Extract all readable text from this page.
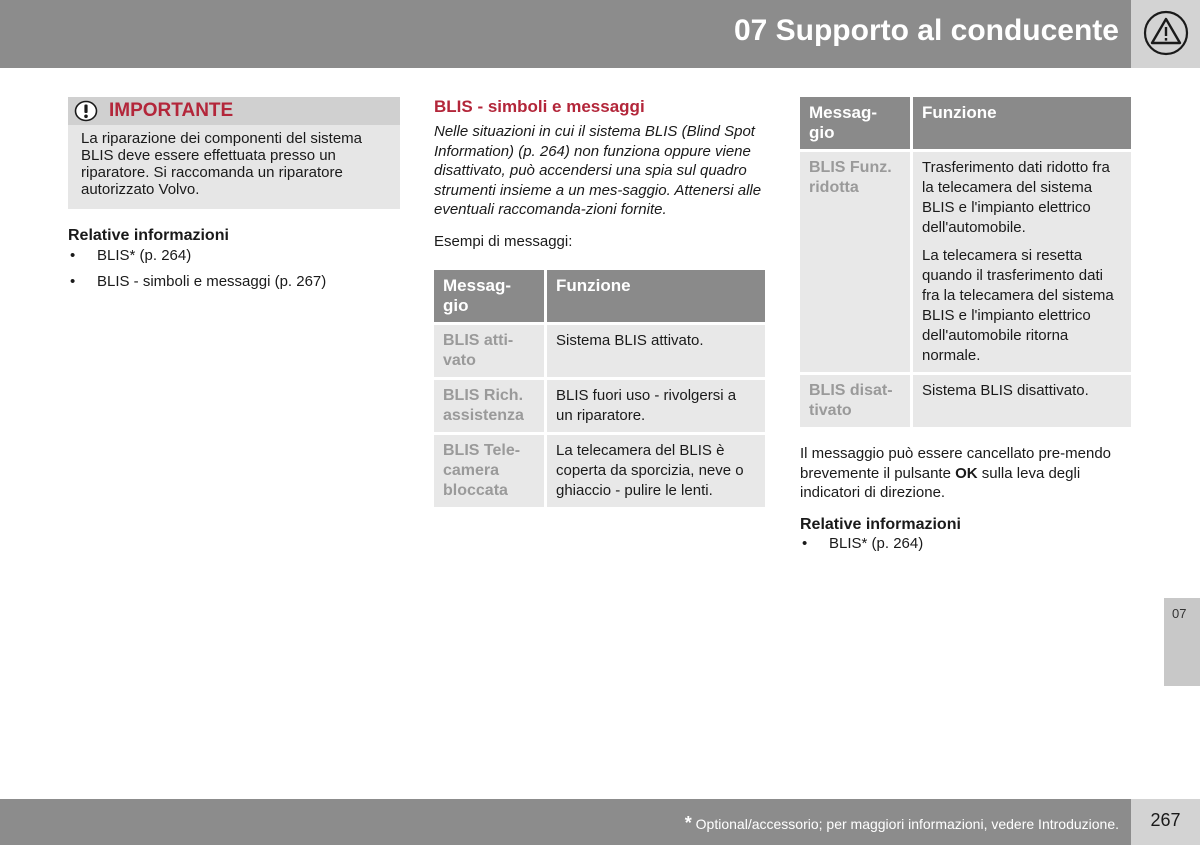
07 Supporto al conducente
IMPORTANTE
La riparazione dei componenti del sistema BLIS deve essere effettuata presso un riparatore. Si raccomanda un riparatore autorizzato Volvo.
Relative informazioni
• BLIS* (p. 264)
• BLIS - simboli e messaggi (p. 267)
BLIS - simboli e messaggi
Nelle situazioni in cui il sistema BLIS (Blind Spot Information) (p. 264) non funziona oppure viene disattivato, può accendersi una spia sul quadro strumenti insieme a un mes-saggio. Attenersi alle eventuali raccomanda-zioni fornite.
Esempi di messaggi:
Messag-gio	Funzione
BLIS atti-vato	Sistema BLIS attivato.
BLIS Rich. assistenza	BLIS fuori uso - rivolgersi a un riparatore.
BLIS Tele-camera bloccata	La telecamera del BLIS è coperta da sporcizia, neve o ghiaccio - pulire le lenti.
Messag-gio	Funzione
BLIS Funz. ridotta	Trasferimento dati ridotto fra la telecamera del sistema BLIS e l'impianto elettrico dell'automobile.
La telecamera si resetta quando il trasferimento dati fra la telecamera del sistema BLIS e l'impianto elettrico dell'automobile ritorna normale.

BLIS disat-tivato	Sistema BLIS disattivato.
Il messaggio può essere cancellato pre-mendo brevemente il pulsante OK sulla leva degli indicatori di direzione.
Relative informazioni
• BLIS* (p. 264)
07
* Optional/accessorio; per maggiori informazioni, vedere Introduzione.	267
